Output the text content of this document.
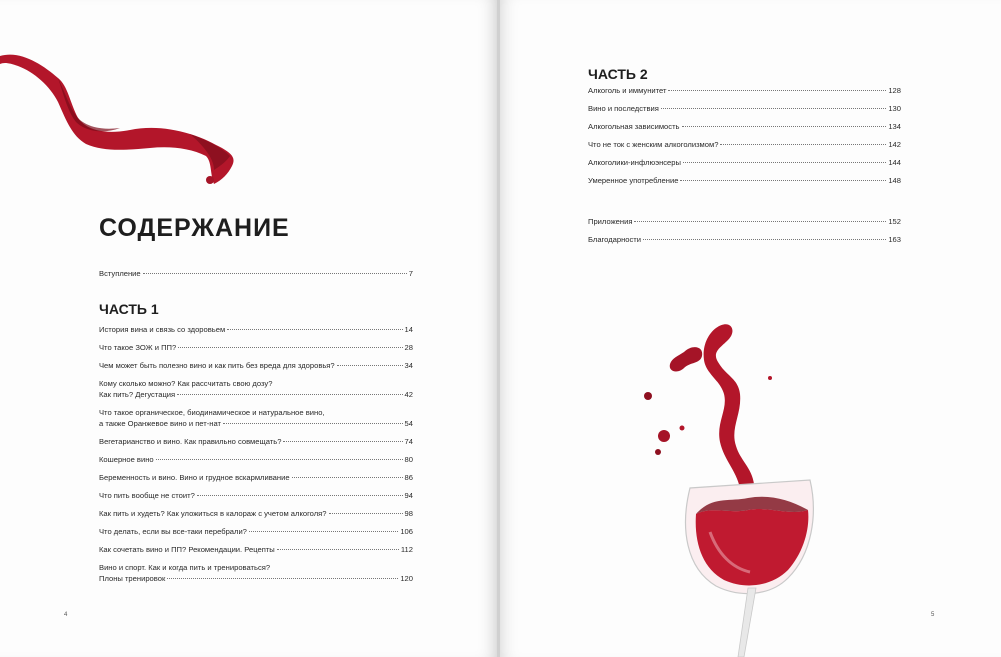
СОДЕРЖАНИЕ
Вступление	7
ЧАСТЬ 1
История вина и связь со здоровьем	14
Что такое ЗОЖ и ПП?	28
Чем может быть полезно вино и как пить без вреда для здоровья?	34
Кому сколько можно? Как рассчитать свою дозу?
Как пить? Дегустация	42
Что такое органическое, биодинамическое и натуральное вино,
а также Оранжевое вино и пет-нат	54
Вегетарианство и вино. Как правильно совмещать?	74
Кошерное вино	80
Беременность и вино. Вино и грудное вскармливание	86
Что пить вообще не стоит?	94
Как пить и худеть? Как уложиться в калораж с учетом алкоголя?	98
Что делать, если вы все-таки перебрали?	106
Как сочетать вино и ПП? Рекомендации. Рецепты	112
Вино и спорт. Как и когда пить и тренироваться?
Плоны тренировок	120
4
ЧАСТЬ 2
Алкоголь и иммунитет	128
Вино и последствия	130
Алкогольная зависимость	134
Что не ток с женским алкоголизмом?	142
Алкоголики-инфлюэнсеры	144
Умеренное употребление	148
Приложения	152
Благодарности	163
5
